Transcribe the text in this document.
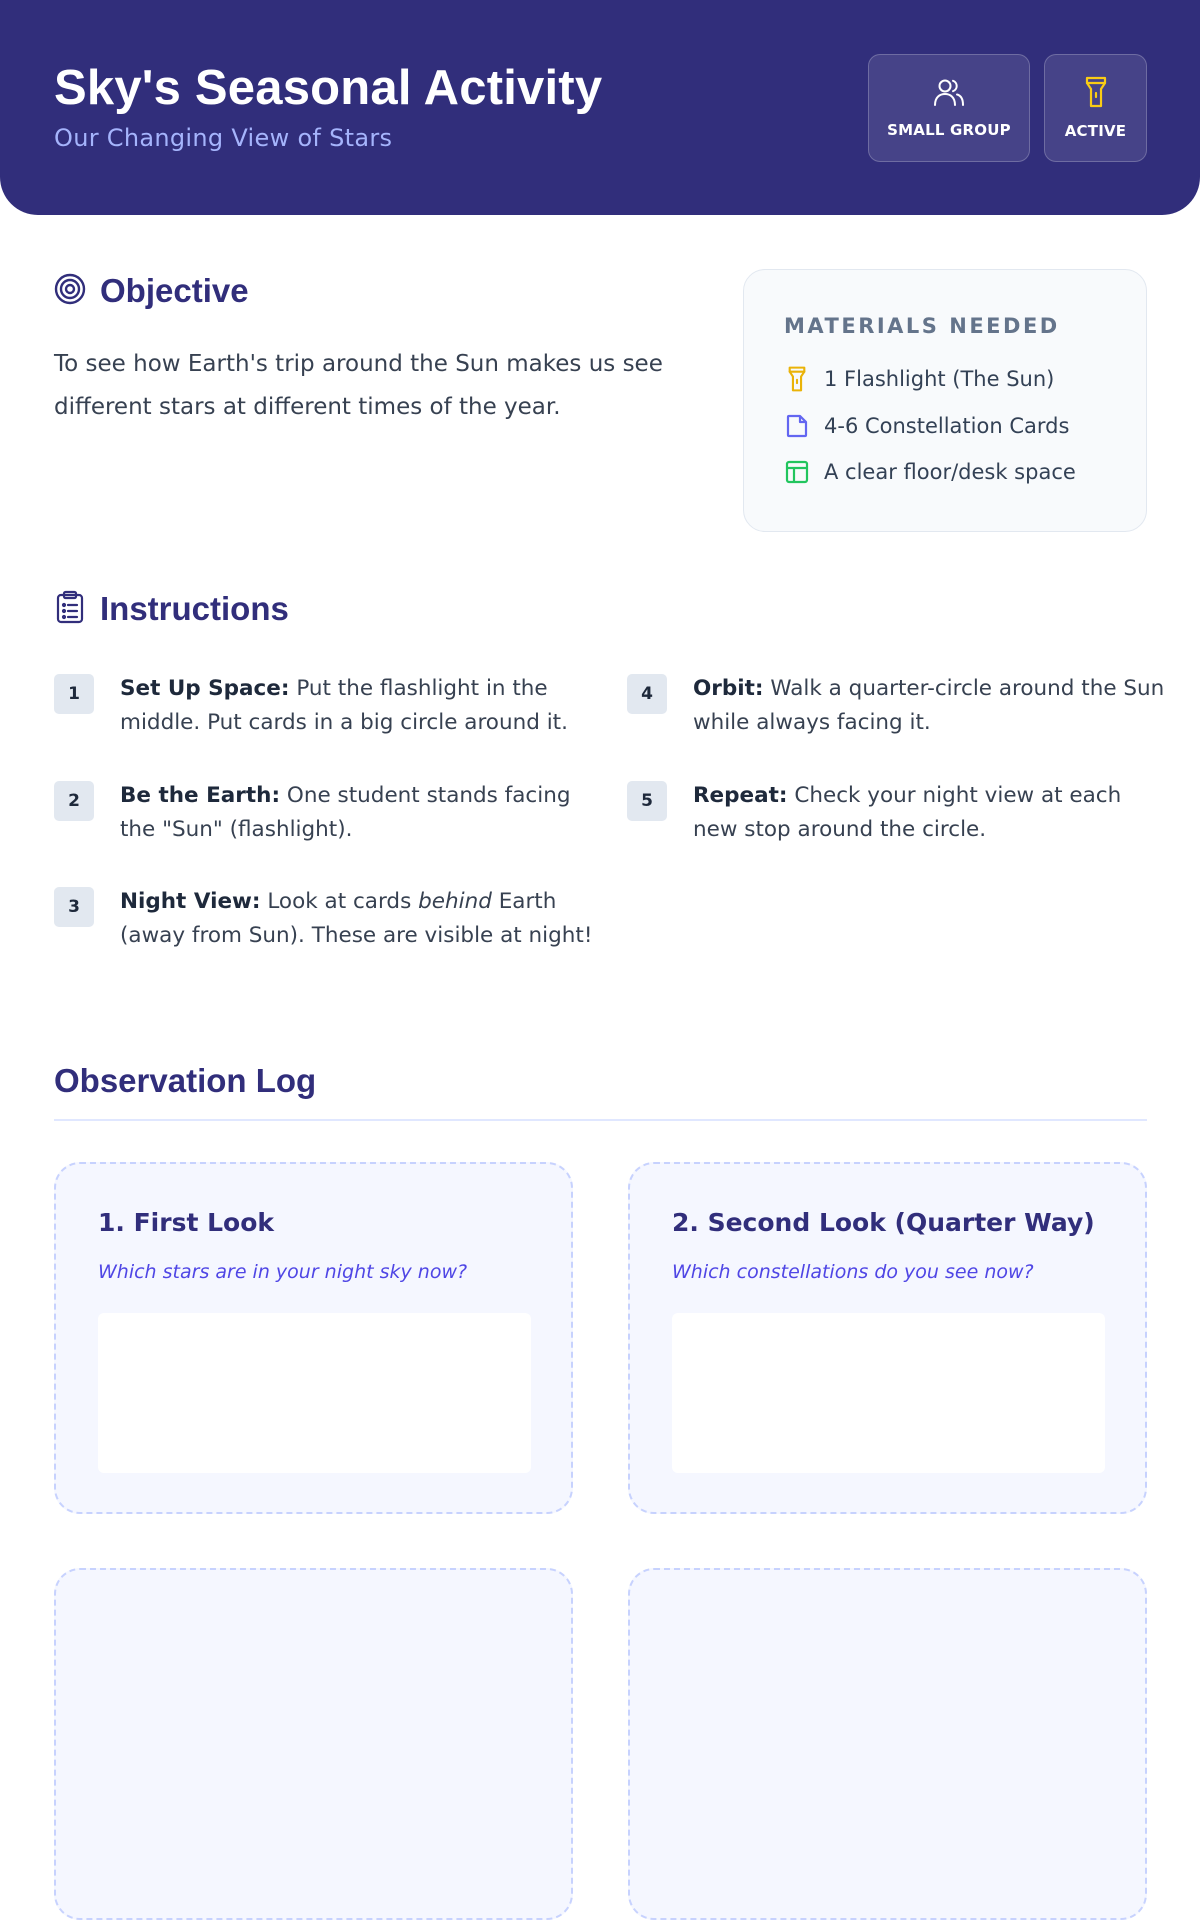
Sky's Seasonal Activity
Our Changing View of Stars	SMALL GROUP	ACTIVE
Objective
To see how Earth's trip around the Sun makes us see different stars at different times of the year.
MATERIALS NEEDED
1 Flashlight (The Sun)
4-6 Constellation Cards
A clear floor/desk space
Instructions
1	Set Up Space: Put the flashlight in the middle. Put cards in a big circle around it.
2	Be the Earth: One student stands facing the "Sun" (flashlight).
3	Night View: Look at cards behind Earth (away from Sun). These are visible at night!
4	Orbit: Walk a quarter-circle around the Sun while always facing it.
5	Repeat: Check your night view at each new stop around the circle.
Observation Log
1. First Look
Which stars are in your night sky now?
2. Second Look (Quarter Way)
Which constellations do you see now?
